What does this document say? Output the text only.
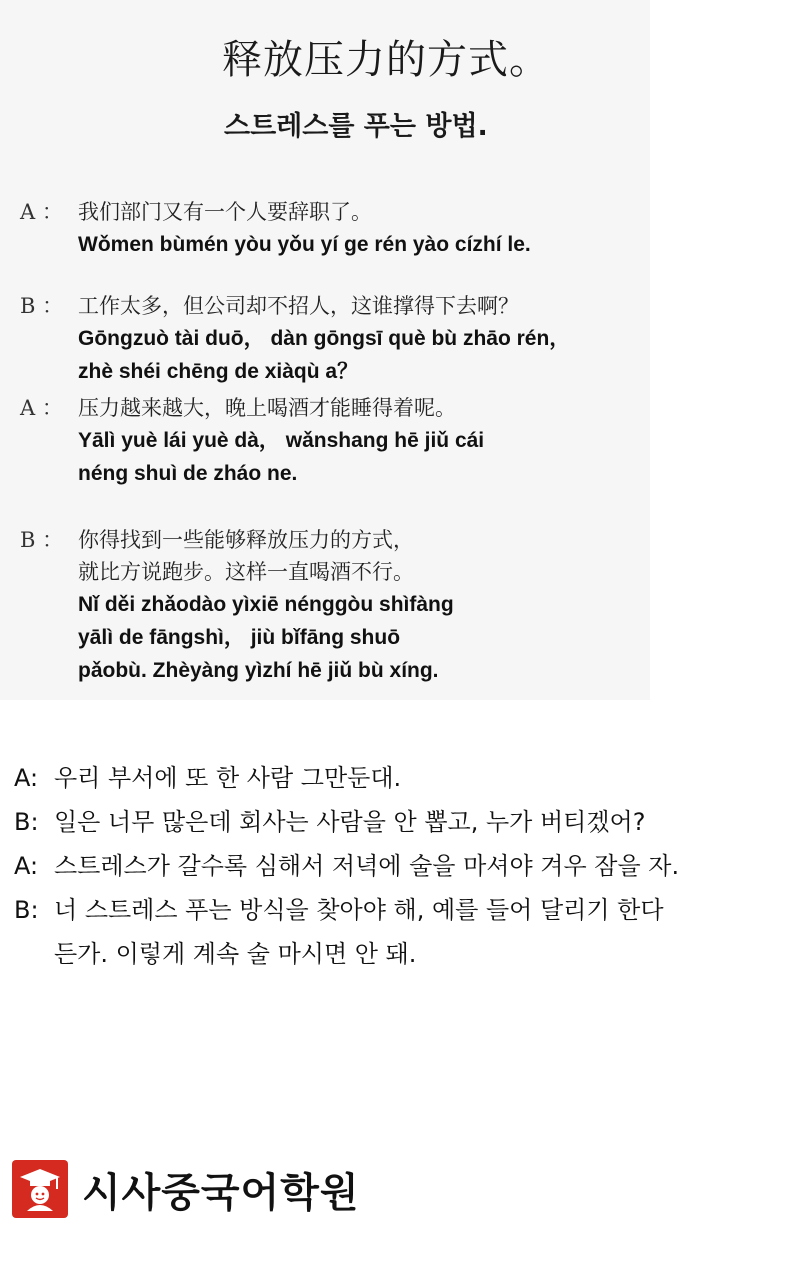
释放压力的方式。
스트레스를 푸는 방법.
A ： 我们部门又有一个人要辞职了。
Wǒmen bùmén yòu yǒu yí ge rén yào cízhí le.
B ： 工作太多，但公司却不招人，这谁撑得下去啊？
Gōngzuò tài duō， dàn gōngsī què bù zhāo rén，
zhè shéi chēng de xiàqù a？
A ： 压力越来越大，晚上喝酒才能睡得着呢。
Yālì yuè lái yuè dà， wǎnshang hē jiǔ cái
néng shuì de zháo ne.
B ： 你得找到一些能够释放压力的方式，
就比方说跑步。这样一直喝酒不行。
Nǐ děi zhǎodào yìxiē nénggòu shìfàng
yālì de fāngshì， jiù bǐfāng shuō
pǎobù. Zhèyàng yìzhí hē jiǔ bù xíng.
A: 우리 부서에 또 한 사람 그만둔대.
B: 일은 너무 많은데 회사는 사람을 안 뽑고, 누가 버티겠어?
A: 스트레스가 갈수록 심해서 저녁에 술을 마셔야 겨우 잠을 자.
B: 너 스트레스 푸는 방식을 찾아야 해, 예를 들어 달리기 한다
든가. 이렇게 계속 술 마시면 안 돼.
시사중국어학원
